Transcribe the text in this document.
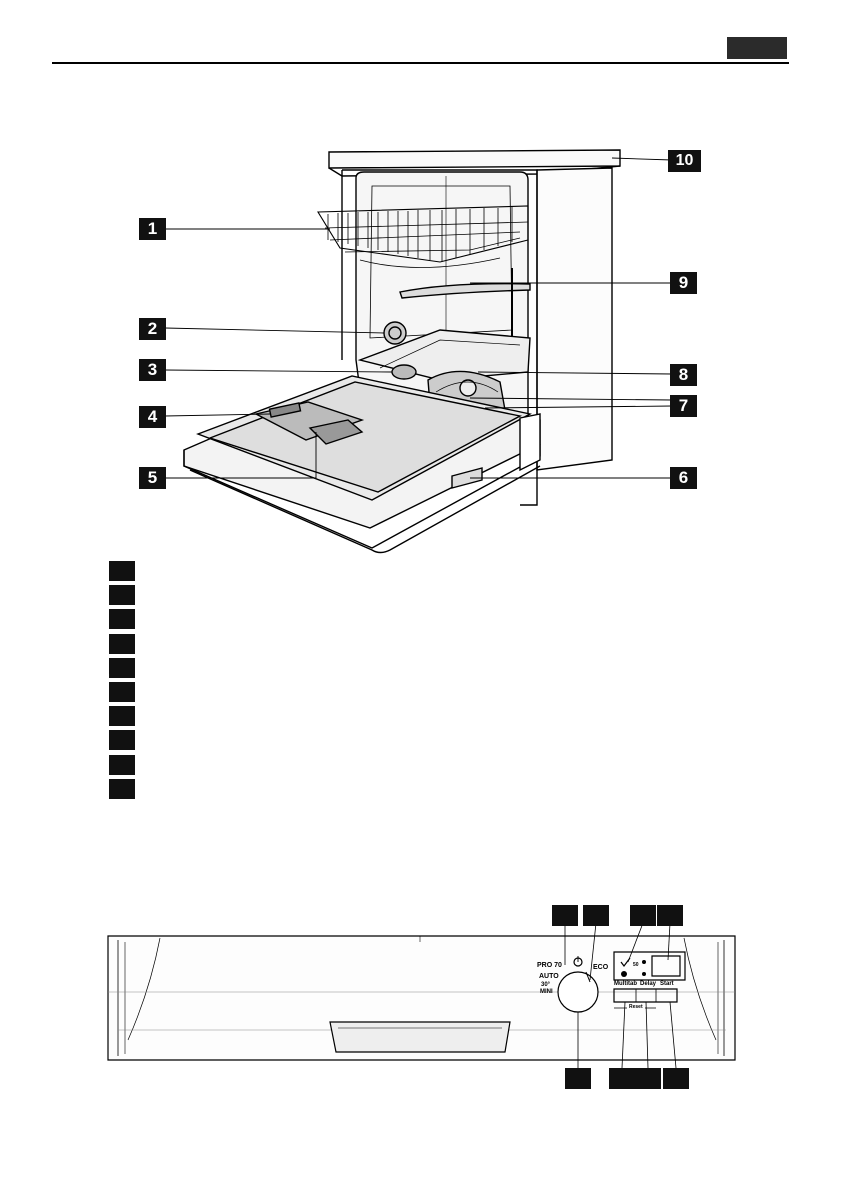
1
2
3
4
5	6
7
8
9
10
PRO 70
AUTO
30°
MINI
ECO	50
Multitab Delay Start
Reset
